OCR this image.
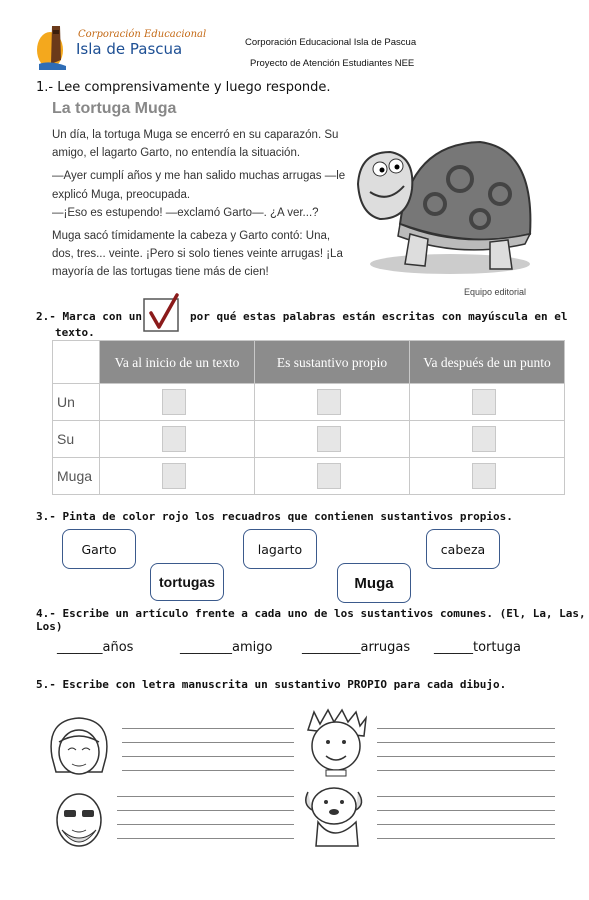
Corporación Educacional
Isla de Pascua	Corporación Educacional Isla de Pascua
Proyecto de Atención Estudiantes NEE
1.- Lee comprensivamente y luego responde.
La tortuga Muga

Un día, la tortuga Muga se encerró en su caparazón. Su amigo, el lagarto Garto, no entendía la situación.

—Ayer cumplí años y me han salido muchas arrugas —le explicó Muga, preocupada.

—¡Eso es estupendo! —exclamó Garto—. ¿A ver...?

Muga sacó tímidamente la cabeza y Garto contó: Una, dos, tres... veinte. ¡Pero si solo tienes veinte arrugas! ¡La mayoría de las tortugas tiene más de cien!

Equipo editorial
2.- Marca con un	por qué estas palabras están escritas con mayúscula en el
texto.
	Va al inicio de un texto	Es sustantivo propio	Va después de un punto
Un	

Su	

Muga	

3.- Pinta de color rojo los recuadros que contienen sustantivos propios.
Garto	lagarto	cabeza
tortugas	Muga
4.- Escribe un artículo frente a cada uno de los sustantivos comunes. (El, La, Las, Los)
_______años	________amigo _________arrugas ______tortuga
5.- Escribe con letra manuscrita un sustantivo PROPIO para cada dibujo.
